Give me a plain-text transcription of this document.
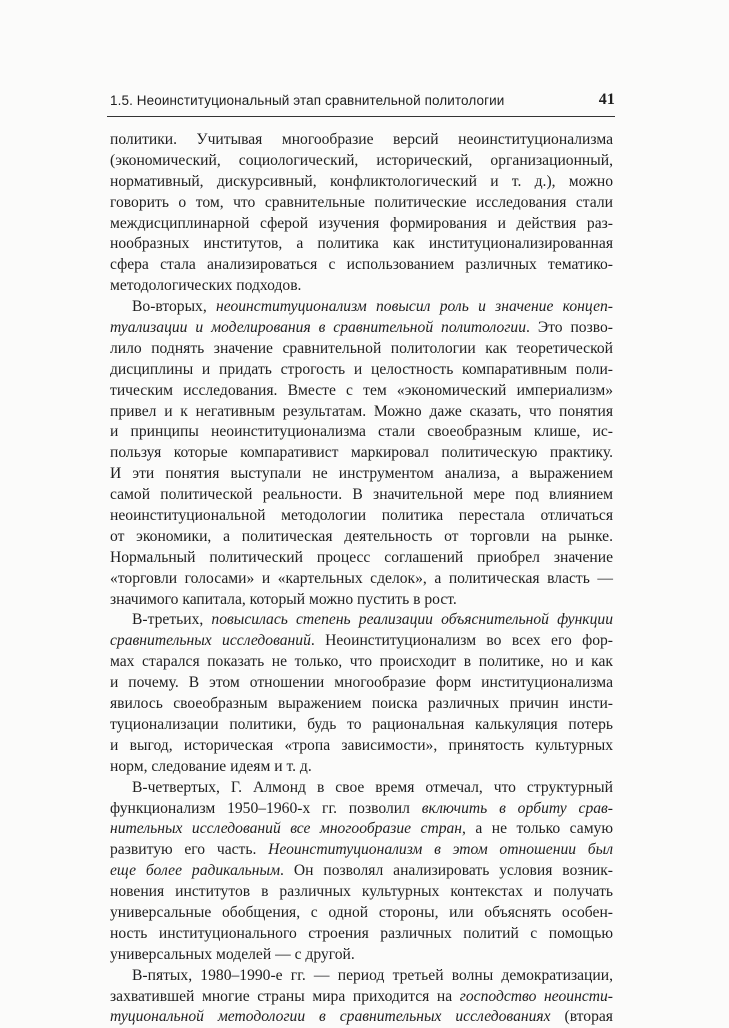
1.5. Неоинституциональный этап сравнительной политологии	41
политики. Учитывая многообразие версий неоинституционализма
(экономический, социологический, исторический, организационный,
нормативный, дискурсивный, конфликтологический и т. д.), можно
говорить о том, что сравнительные политические исследования стали
междисциплинарной сферой изучения формирования и действия раз-
нообразных институтов, а политика как институционализированная
сфера стала анализироваться с использованием различных тематико-
методологических подходов.
Во-вторых, неоинституционализм повысил роль и значение концеп-
туализации и моделирования в сравнительной политологии. Это позво-
лило поднять значение сравнительной политологии как теоретической
дисциплины и придать строгость и целостность компаративным поли-
тическим исследования. Вместе с тем «экономический империализм»
привел и к негативным результатам. Можно даже сказать, что понятия
и принципы неоинституционализма стали своеобразным клише, ис-
пользуя которые компаративист маркировал политическую практику.
И эти понятия выступали не инструментом анализа, а выражением
самой политической реальности. В значительной мере под влиянием
неоинституциональной методологии политика перестала отличаться
от экономики, а политическая деятельность от торговли на рынке.
Нормальный политический процесс соглашений приобрел значение
«торговли голосами» и «картельных сделок», а политическая власть —
значимого капитала, который можно пустить в рост.
В-третьих, повысилась степень реализации объяснительной функции
сравнительных исследований. Неоинституционализм во всех его фор-
мах старался показать не только, что происходит в политике, но и как
и почему. В этом отношении многообразие форм институционализма
явилось своеобразным выражением поиска различных причин инсти-
туционализации политики, будь то рациональная калькуляция потерь
и выгод, историческая «тропа зависимости», принятость культурных
норм, следование идеям и т. д.
В-четвертых, Г. Алмонд в свое время отмечал, что структурный
функционализм 1950–1960-х гг. позволил включить в орбиту срав-
нительных исследований все многообразие стран, а не только самую
развитую его часть. Неоинституционализм в этом отношении был
еще более радикальным. Он позволял анализировать условия возник-
новения институтов в различных культурных контекстах и получать
универсальные обобщения, с одной стороны, или объяснять особен-
ность институционального строения различных политий с помощью
универсальных моделей — с другой.
В-пятых, 1980–1990-е гг. — период третьей волны демократизации,
захватившей многие страны мира приходится на господство неоинсти-
туциональной методологии в сравнительных исследованиях (вторая
